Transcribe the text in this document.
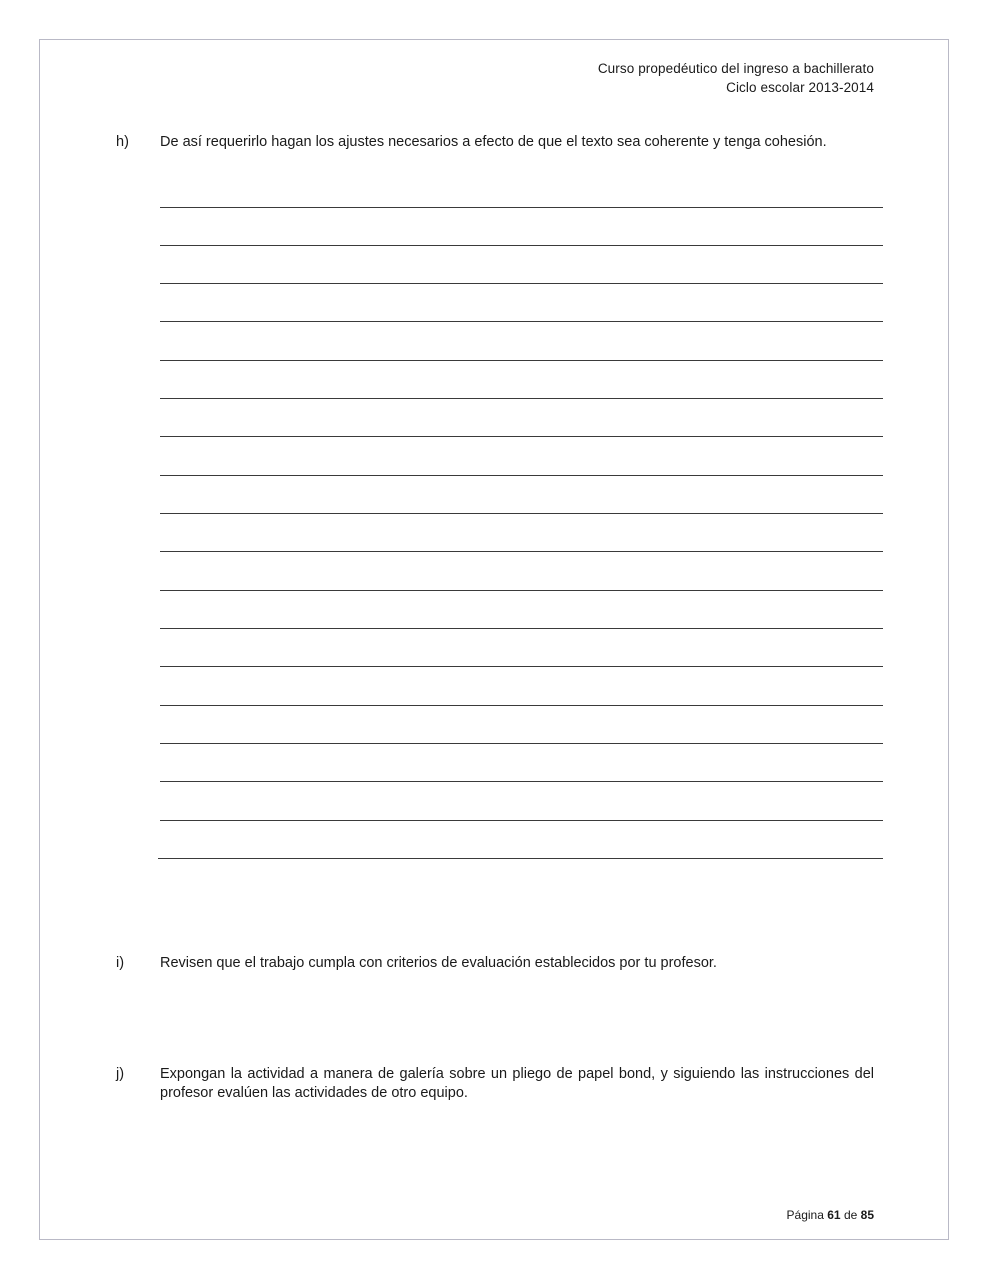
Curso propedéutico del ingreso a bachillerato
Ciclo escolar 2013-2014
h) De así requerirlo hagan los ajustes necesarios a efecto de que el texto sea coherente y tenga cohesión.
i) Revisen que el trabajo cumpla con criterios de evaluación establecidos por tu profesor.
j) Expongan la actividad a manera de galería sobre un pliego de papel bond, y siguiendo las instrucciones del profesor evalúen las actividades de otro equipo.
Página 61 de 85
